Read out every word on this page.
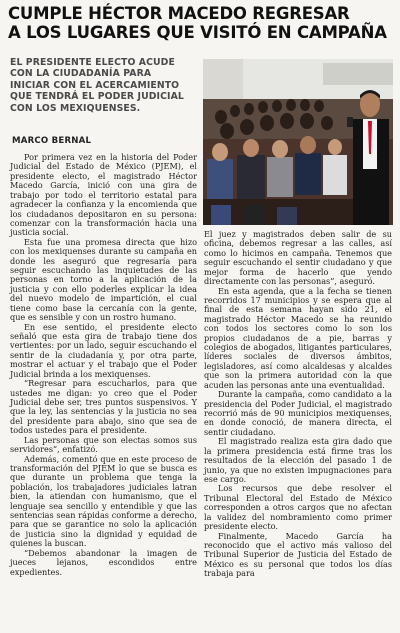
CUMPLE HÉCTOR MACEDO REGRESAR
A LOS LUGARES QUE VISITÓ EN CAMPAÑA
EL PRESIDENTE ELECTO ACUDE
CON LA CIUDADANÍA PARA
INICIAR CON EL ACERCAMIENTO
QUE TENDRÁ EL PODER JUDICIAL
CON LOS MEXIQUENSES.
MARCO BERNAL

Por primera vez en la historia del Poder Judicial del Estado de México (PJEM), el presidente electo, el magistrado Héctor Macedo García, inició con una gira de trabajo por todo el territorio estatal para agradecer la confianza y la encomienda que los ciudadanos depositaron en su persona: comenzar con la transformación hacia una justicia social.

Esta fue una promesa directa que hizo con los mexiquenses durante su campaña en donde les aseguró que regresaría para seguir escuchando las inquietudes de las personas en torno a la aplicación de la justicia y con ello poderles explicar la idea del nuevo modelo de impartición, el cual tiene como base la cercanía con la gente, que es sensible y con un rostro humano.

En ese sentido, el presidente electo señaló que esta gira de trabajo tiene dos vertientes: por un lado, seguir escuchando el sentir de la ciudadanía y, por otra parte, mostrar el actuar y el trabajo que el Poder Judicial brinda a los mexiquenses.

“Regresar para escucharlos, para que ustedes me digan: yo creo que el Poder Judicial debe ser, tres puntos suspensivos. Y que la ley, las sentencias y la justicia no sea del presidente para abajo, sino que sea de todos ustedes para el presidente.

Las personas que son electas somos sus servidores”, enfatizó.

Además, comentó que en este proceso de transformación del PJEM lo que se busca es que durante un problema que tenga la población, los trabajadores judiciales latran bien, la atiendan con humanismo, que el lenguaje sea sencillo y entendible y que las sentencias sean rápidas conforme a derecho, para que se garantice no solo la aplicación de justicia sino la dignidad y equidad de quienes la buscan.

“Debemos abandonar la imagen de jueces lejanos, escondidos entre expedientes.

El juez y magistrados deben salir de su oficina, debemos regresar a las calles, así como lo hicimos en campaña. Tenemos que seguir escuchando el sentir ciudadano y que mejor forma de hacerlo que yendo directamente con las personas”, aseguró.

En esta agenda, que a la fecha se tienen recorridos 17 municipios y se espera que al final de esta semana hayan sido 21, el magistrado Héctor Macedo se ha reunido con todos los sectores como lo son los propios ciudadanos de a pie, barras y colegios de abogados, litigantes particulares, líderes sociales de diversos ámbitos, legisladores, así como alcaldesas y alcaldes que son la primera autoridad con la que acuden las personas ante una eventualidad.

Durante la campaña, como candidato a la presidencia del Poder Judicial, el magistrado recorrió más de 90 municipios mexiquenses, en donde conoció, de manera directa, el sentir ciudadano.

El magistrado realiza esta gira dado que la primera presidencia está firme tras los resultados de la elección del pasado 1 de junio, ya que no existen impugnaciones para ese cargo.

Los recursos que debe resolver el Tribunal Electoral del Estado de México corresponden a otros cargos que no afectan la validez del nombramiento como primer presidente electo.

Finalmente, Macedo García ha reconocido que el activo más valioso del Tribunal Superior de Justicia del Estado de México es su personal que todos los días trabaja para
